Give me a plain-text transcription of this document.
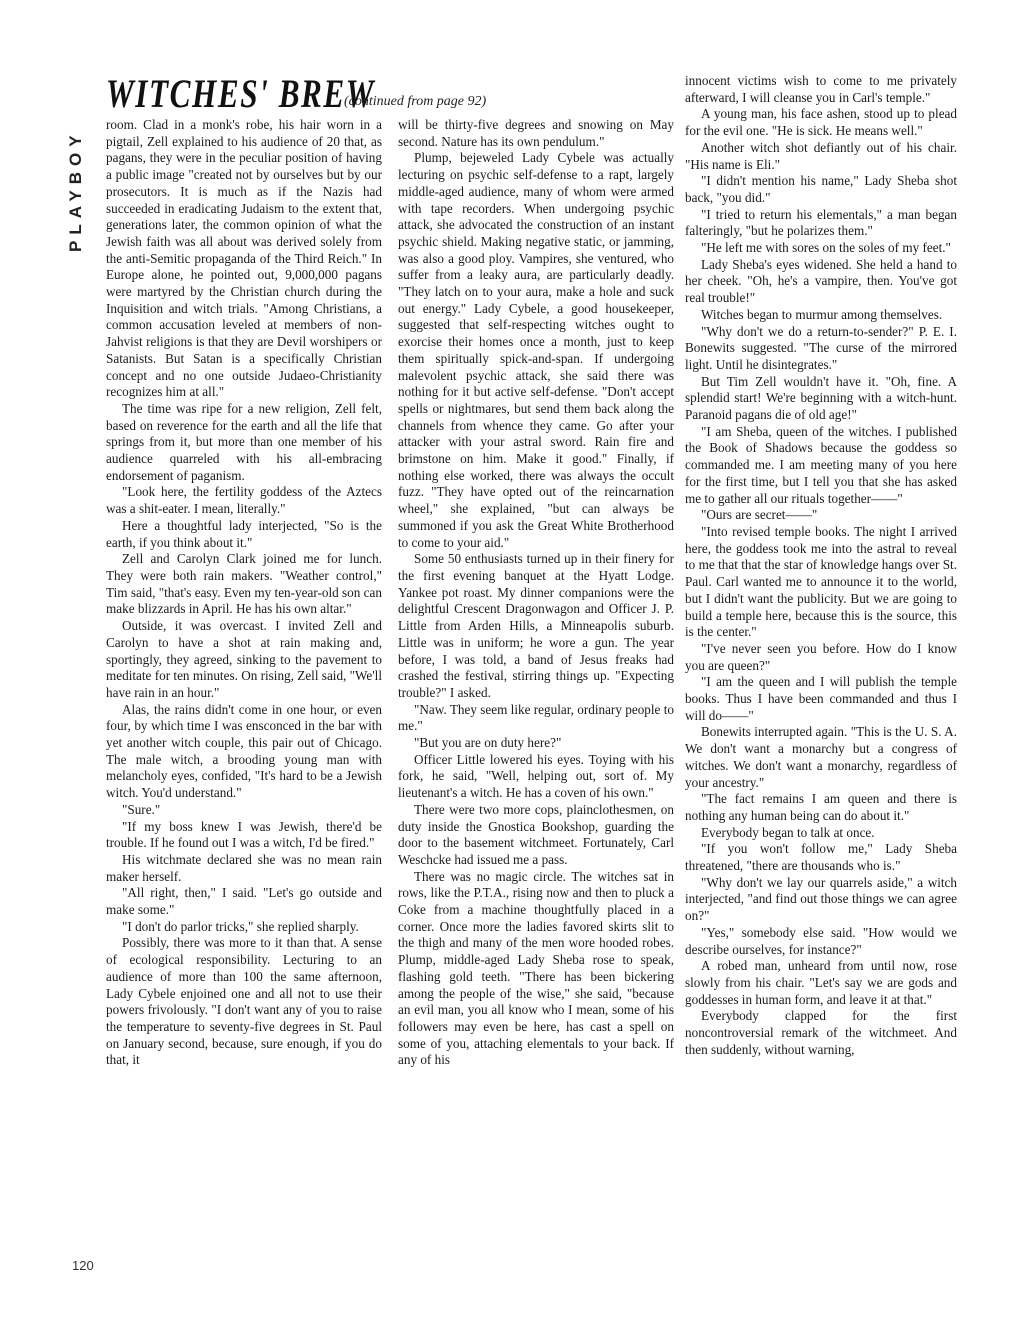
PLAYBOY
120
WITCHES' BREW
(continued from page 92)

room. Clad in a monk's robe, his hair worn in a pigtail, Zell explained to his audience of 20 that, as pagans, they were in the peculiar position of having a public image "created not by ourselves but by our prosecutors. It is much as if the Nazis had succeeded in eradicating Judaism to the extent that, generations later, the common opinion of what the Jewish faith was all about was derived solely from the anti-Semitic propaganda of the Third Reich." In Europe alone, he pointed out, 9,000,000 pagans were martyred by the Christian church during the Inquisition and witch trials. "Among Christians, a common accusation leveled at members of non-Jahvist religions is that they are Devil worshipers or Satanists. But Satan is a specifically Christian concept and no one outside Judaeo-Christianity recognizes him at all."

The time was ripe for a new religion, Zell felt, based on reverence for the earth and all the life that springs from it, but more than one member of his audience quarreled with his all-embracing endorsement of paganism.

"Look here, the fertility goddess of the Aztecs was a shit-eater. I mean, literally."

Here a thoughtful lady interjected, "So is the earth, if you think about it."

Zell and Carolyn Clark joined me for lunch. They were both rain makers. "Weather control," Tim said, "that's easy. Even my ten-year-old son can make blizzards in April. He has his own altar."

Outside, it was overcast. I invited Zell and Carolyn to have a shot at rain making and, sportingly, they agreed, sinking to the pavement to meditate for ten minutes. On rising, Zell said, "We'll have rain in an hour."

Alas, the rains didn't come in one hour, or even four, by which time I was ensconced in the bar with yet another witch couple, this pair out of Chicago. The male witch, a brooding young man with melancholy eyes, confided, "It's hard to be a Jewish witch. You'd understand."

"Sure."

"If my boss knew I was Jewish, there'd be trouble. If he found out I was a witch, I'd be fired."

His witchmate declared she was no mean rain maker herself.

"All right, then," I said. "Let's go outside and make some."

"I don't do parlor tricks," she replied sharply.

Possibly, there was more to it than that. A sense of ecological responsibility. Lecturing to an audience of more than 100 the same afternoon, Lady Cybele enjoined one and all not to use their powers frivolously. "I don't want any of you to raise the temperature to seventy-five degrees in St. Paul on January second, because, sure enough, if you do that, it

will be thirty-five degrees and snowing on May second. Nature has its own pendulum."

Plump, bejeweled Lady Cybele was actually lecturing on psychic self-defense to a rapt, largely middle-aged audience, many of whom were armed with tape recorders. When undergoing psychic attack, she advocated the construction of an instant psychic shield. Making negative static, or jamming, was also a good ploy. Vampires, she ventured, who suffer from a leaky aura, are particularly deadly. "They latch on to your aura, make a hole and suck out energy." Lady Cybele, a good housekeeper, suggested that self-respecting witches ought to exorcise their homes once a month, just to keep them spiritually spick-and-span. If undergoing malevolent psychic attack, she said there was nothing for it but active self-defense. "Don't accept spells or nightmares, but send them back along the channels from whence they came. Go after your attacker with your astral sword. Rain fire and brimstone on him. Make it good." Finally, if nothing else worked, there was always the occult fuzz. "They have opted out of the reincarnation wheel," she explained, "but can always be summoned if you ask the Great White Brotherhood to come to your aid."

Some 50 enthusiasts turned up in their finery for the first evening banquet at the Hyatt Lodge. Yankee pot roast. My dinner companions were the delightful Crescent Dragonwagon and Officer J. P. Little from Arden Hills, a Minneapolis suburb. Little was in uniform; he wore a gun. The year before, I was told, a band of Jesus freaks had crashed the festival, stirring things up. "Expecting trouble?" I asked.

"Naw. They seem like regular, ordinary people to me."

"But you are on duty here?"

Officer Little lowered his eyes. Toying with his fork, he said, "Well, helping out, sort of. My lieutenant's a witch. He has a coven of his own."

There were two more cops, plainclothesmen, on duty inside the Gnostica Bookshop, guarding the door to the basement witchmeet. Fortunately, Carl Weschcke had issued me a pass.

There was no magic circle. The witches sat in rows, like the P.T.A., rising now and then to pluck a Coke from a machine thoughtfully placed in a corner. Once more the ladies favored skirts slit to the thigh and many of the men wore hooded robes. Plump, middle-aged Lady Sheba rose to speak, flashing gold teeth. "There has been bickering among the people of the wise," she said, "because an evil man, you all know who I mean, some of his followers may even be here, has cast a spell on some of you, attaching elementals to your back. If any of his

innocent victims wish to come to me privately afterward, I will cleanse you in Carl's temple."

A young man, his face ashen, stood up to plead for the evil one. "He is sick. He means well."

Another witch shot defiantly out of his chair. "His name is Eli."

"I didn't mention his name," Lady Sheba shot back, "you did."

"I tried to return his elementals," a man began falteringly, "but he polarizes them."

"He left me with sores on the soles of my feet."

Lady Sheba's eyes widened. She held a hand to her cheek. "Oh, he's a vampire, then. You've got real trouble!"

Witches began to murmur among themselves.

"Why don't we do a return-to-sender?" P. E. I. Bonewits suggested. "The curse of the mirrored light. Until he disintegrates."

But Tim Zell wouldn't have it. "Oh, fine. A splendid start! We're beginning with a witch-hunt. Paranoid pagans die of old age!"

"I am Sheba, queen of the witches. I published the Book of Shadows because the goddess so commanded me. I am meeting many of you here for the first time, but I tell you that she has asked me to gather all our rituals together——"

"Ours are secret——"

"Into revised temple books. The night I arrived here, the goddess took me into the astral to reveal to me that that the star of knowledge hangs over St. Paul. Carl wanted me to announce it to the world, but I didn't want the publicity. But we are going to build a temple here, because this is the source, this is the center."

"I've never seen you before. How do I know you are queen?"

"I am the queen and I will publish the temple books. Thus I have been commanded and thus I will do——"

Bonewits interrupted again. "This is the U. S. A. We don't want a monarchy but a congress of witches. We don't want a monarchy, regardless of your ancestry."

"The fact remains I am queen and there is nothing any human being can do about it."

Everybody began to talk at once.

"If you won't follow me," Lady Sheba threatened, "there are thousands who is."

"Why don't we lay our quarrels aside," a witch interjected, "and find out those things we can agree on?"

"Yes," somebody else said. "How would we describe ourselves, for instance?"

A robed man, unheard from until now, rose slowly from his chair. "Let's say we are gods and goddesses in human form, and leave it at that."

Everybody clapped for the first noncontroversial remark of the witchmeet. And then suddenly, without warning,
